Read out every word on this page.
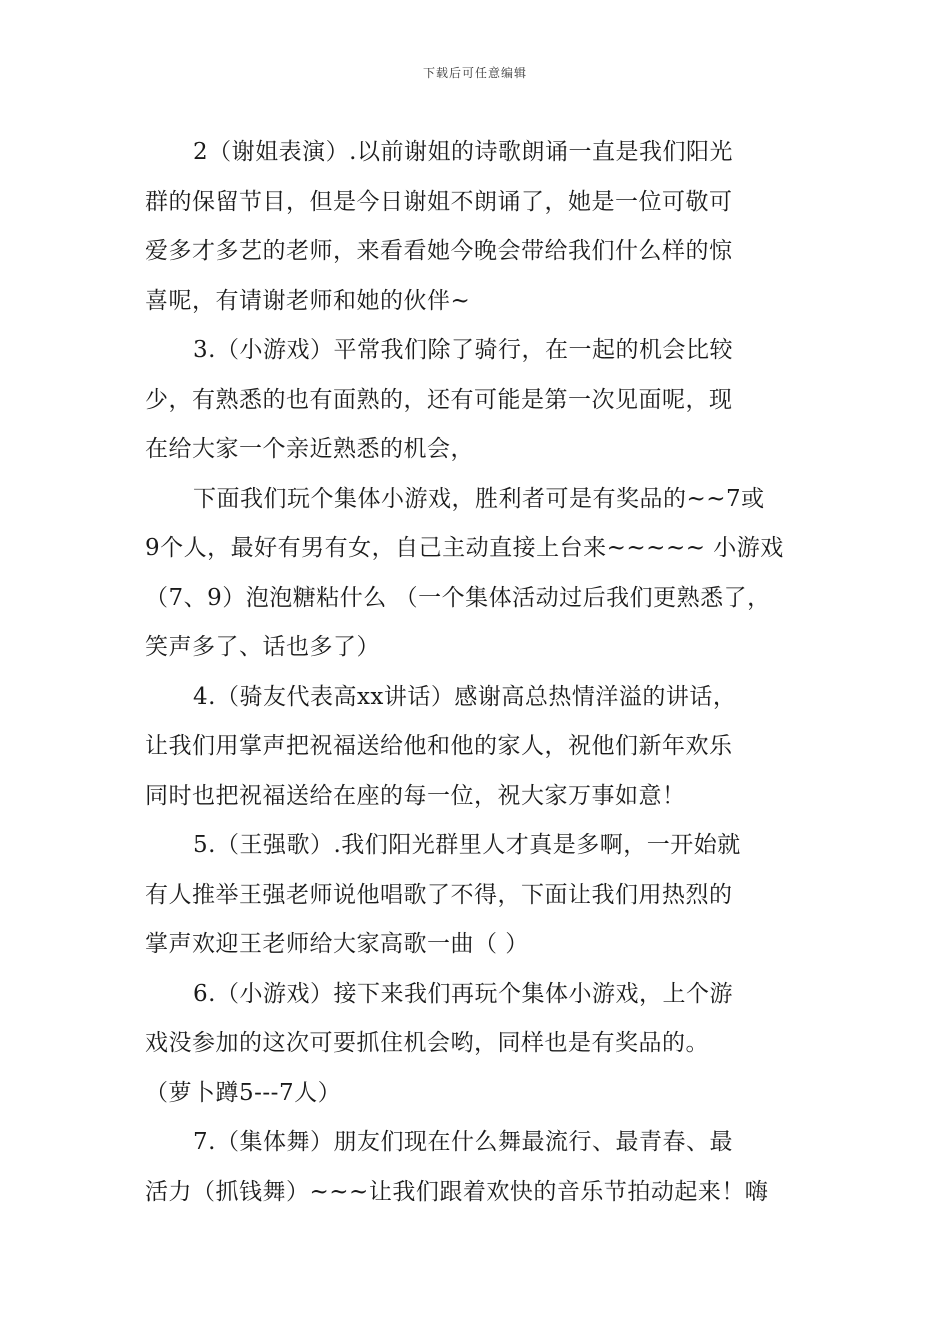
下载后可任意编辑
2（谢姐表演）.以前谢姐的诗歌朗诵一直是我们阳光
群的保留节目，但是今日谢姐不朗诵了，她是一位可敬可
爱多才多艺的老师，来看看她今晚会带给我们什么样的惊
喜呢，有请谢老师和她的伙伴~
3.（小游戏）平常我们除了骑行，在一起的机会比较
少，有熟悉的也有面熟的，还有可能是第一次见面呢，现
在给大家一个亲近熟悉的机会，
下面我们玩个集体小游戏，胜利者可是有奖品的~~7或
9个人，最好有男有女，自己主动直接上台来~~~~~ 小游戏
（7、9）泡泡糖粘什么 （一个集体活动过后我们更熟悉了，
笑声多了、话也多了）
4.（骑友代表高xx讲话）感谢高总热情洋溢的讲话，
让我们用掌声把祝福送给他和他的家人，祝他们新年欢乐
同时也把祝福送给在座的每一位，祝大家万事如意！
5.（王强歌）.我们阳光群里人才真是多啊，一开始就
有人推举王强老师说他唱歌了不得，下面让我们用热烈的
掌声欢迎王老师给大家高歌一曲（ ）
6.（小游戏）接下来我们再玩个集体小游戏，上个游
戏没参加的这次可要抓住机会哟，同样也是有奖品的。
（萝卜蹲5---7人）
7.（集体舞）朋友们现在什么舞最流行、最青春、最
活力（抓钱舞）~~~让我们跟着欢快的音乐节拍动起来！嗨
